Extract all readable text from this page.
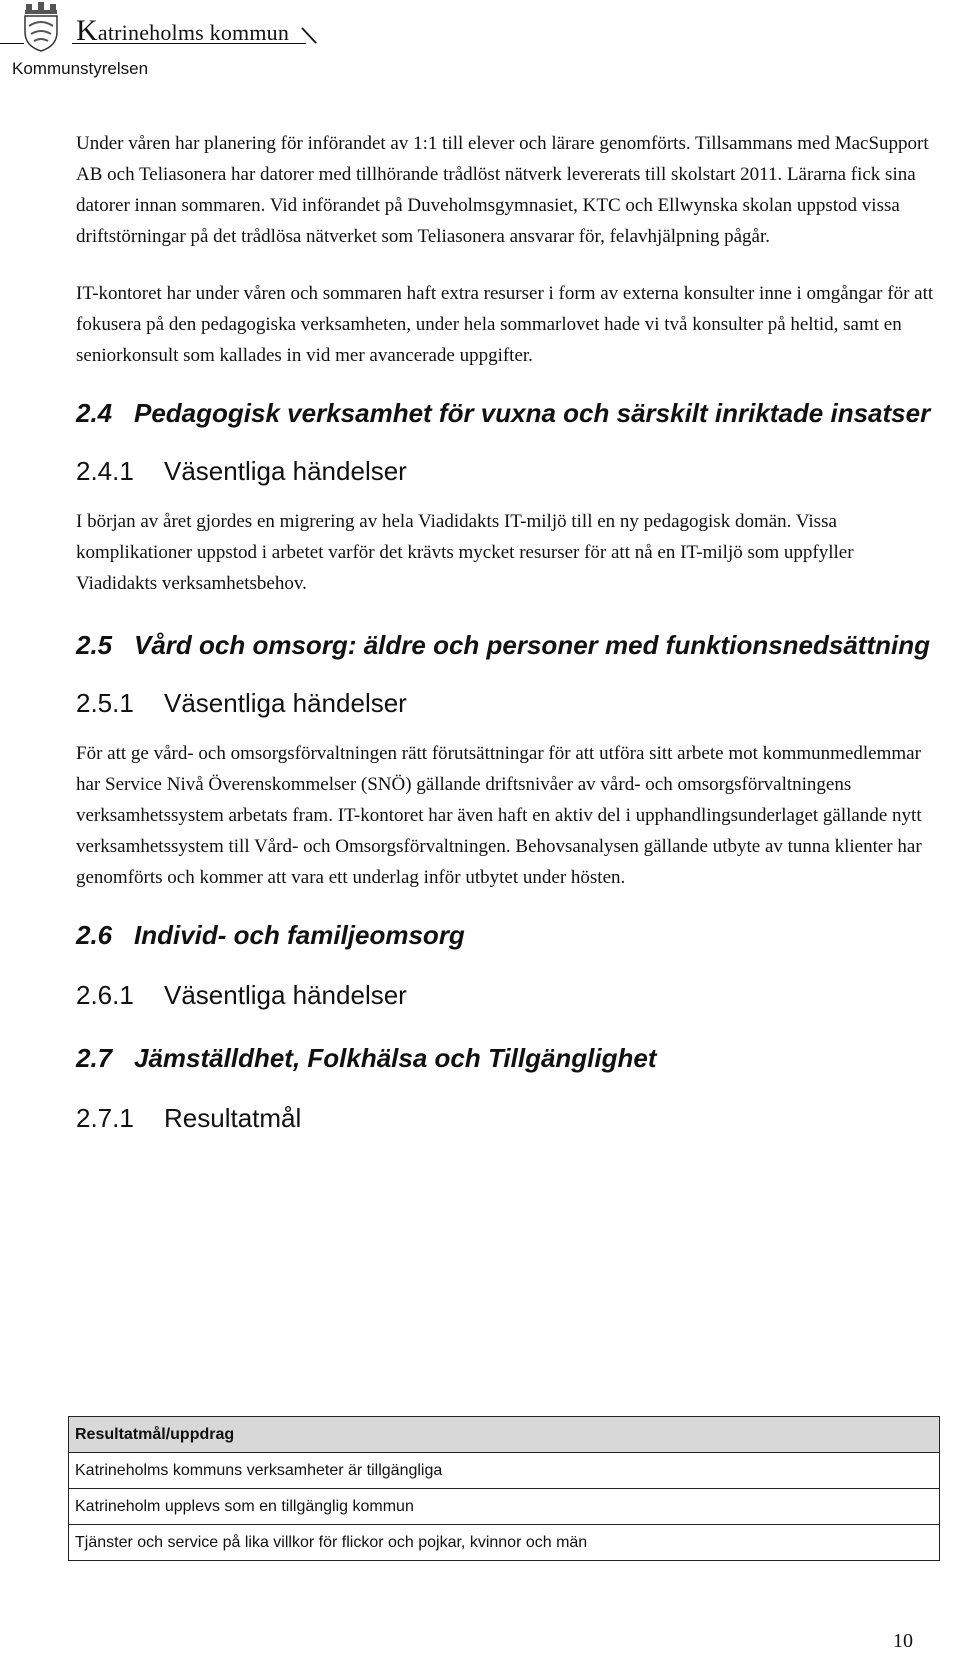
Katrineholms kommun
Kommunstyrelsen

Under våren har planering för införandet av 1:1 till elever och lärare genomförts. Tillsammans med MacSupport AB och Teliasonera har datorer med tillhörande trådlöst nätverk levererats till skolstart 2011. Lärarna fick sina datorer innan sommaren. Vid införandet på Duveholmsgymnasiet, KTC och Ellwynska skolan uppstod vissa driftstörningar på det trådlösa nätverket som Teliasonera ansvarar för, felavhjälpning pågår.

IT-kontoret har under våren och sommaren haft extra resurser i form av externa konsulter inne i omgångar för att fokusera på den pedagogiska verksamheten, under hela sommarlovet hade vi två konsulter på heltid, samt en seniorkonsult som kallades in vid mer avancerade uppgifter.

2.4 Pedagogisk verksamhet för vuxna och särskilt inriktade insatser
2.4.1 Väsentliga händelser

I början av året gjordes en migrering av hela Viadidakts IT-miljö till en ny pedagogisk domän. Vissa komplikationer uppstod i arbetet varför det krävts mycket resurser för att nå en IT-miljö som uppfyller Viadidakts verksamhetsbehov.

2.5 Vård och omsorg: äldre och personer med funktionsnedsättning
2.5.1 Väsentliga händelser

För att ge vård- och omsorgsförvaltningen rätt förutsättningar för att utföra sitt arbete mot kommunmedlemmar har Service Nivå Överenskommelser (SNÖ) gällande driftsnivåer av vård- och omsorgsförvaltningens verksamhetssystem arbetats fram. IT-kontoret har även haft en aktiv del i upphandlingsunderlaget gällande nytt verksamhetssystem till Vård- och Omsorgsförvaltningen. Behovsanalysen gällande utbyte av tunna klienter har genomförts och kommer att vara ett underlag inför utbytet under hösten.

2.6 Individ- och familjeomsorg
2.6.1 Väsentliga händelser
2.7 Jämställdhet, Folkhälsa och Tillgänglighet
2.7.1 Resultatmål
Resultatmål/uppdrag
Katrineholms kommuns verksamheter är tillgängliga
Katrineholm upplevs som en tillgänglig kommun
Tjänster och service på lika villkor för flickor och pojkar, kvinnor och män
10
